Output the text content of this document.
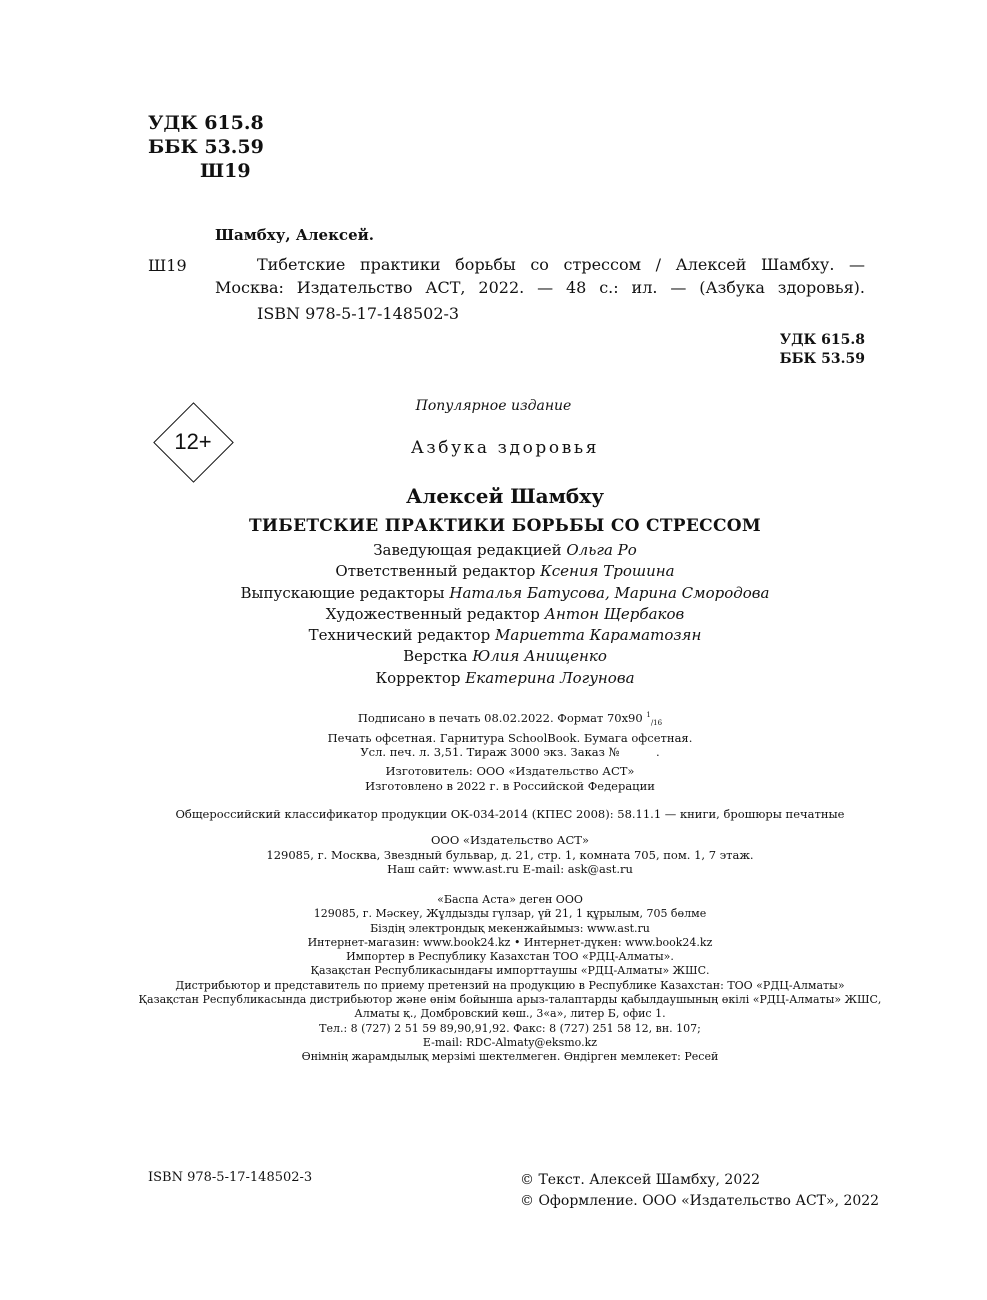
УДК 615.8
ББК 53.59
Ш19
Шамбху, Алексей.
Ш19	Тибетские практики борьбы со стрессом / Алексей Шамбху. —
Москва: Издательство АСТ, 2022. — 48 с.: ил. — (Азбука здоровья).
ISBN 978-5-17-148502-3
УДК 615.8
ББК 53.59
Популярное издание
12+	Азбука здоровья
Алексей Шамбху
ТИБЕТСКИЕ ПРАКТИКИ БОРЬБЫ СО СТРЕССОМ
Заведующая редакцией Ольга Ро
Ответственный редактор Ксения Трошина
Выпускающие редакторы Наталья Батусова, Марина Смородова
Художественный редактор Антон Щербаков
Технический редактор Мариетта Караматозян
Верстка Юлия Анищенко
Корректор Екатерина Логунова
Подписано в печать 08.02.2022. Формат 70х90 $^1_{/16}$
Печать офсетная. Гарнитура SchoolBook. Бумага офсетная.
Усл. печ. л. 3,51. Тираж 3000 экз. Заказ №          .
Изготовитель: ООО «Издательство АСТ»
Изготовлено в 2022 г. в Российской Федерации
Общероссийский классификатор продукции ОК-034-2014 (КПЕС 2008): 58.11.1 — книги, брошюры печатные
ООО «Издательство АСТ»
129085, г. Москва, Звездный бульвар, д. 21, стр. 1, комната 705, пом. 1, 7 этаж.
Наш сайт: www.ast.ru E-mail: ask@ast.ru
«Баспа Аста» деген ООО
129085, г. Мәскеу, Жұлдызды гүлзар, үй 21, 1 құрылым, 705 бөлме
Біздің электрондық мекенжайымыз: www.ast.ru
Интернет-магазин: www.book24.kz • Интернет-дүкен: www.book24.kz
Импортер в Республику Казахстан ТОО «РДЦ-Алматы».
Қазақстан Республикасындағы импорттаушы «РДЦ-Алматы» ЖШС.
Дистрибьютор и представитель по приему претензий на продукцию в Республике Казахстан: ТОО «РДЦ-Алматы»
Қазақстан Республикасында дистрибьютор және өнім бойынша арыз-талаптарды қабылдаушының өкілі «РДЦ-Алматы» ЖШС,
Алматы қ., Домбровский көш., 3«а», литер Б, офис 1.
Тел.: 8 (727) 2 51 59 89,90,91,92. Факс: 8 (727) 251 58 12, вн. 107;
E-mail: RDC-Almaty@eksmo.kz
Өнімнің жарамдылық мерзімі шектелмеген. Өндірген мемлекет: Ресей
ISBN 978-5-17-148502-3	© Текст. Алексей Шамбху, 2022
© Оформление. ООО «Издательство АСТ», 2022
